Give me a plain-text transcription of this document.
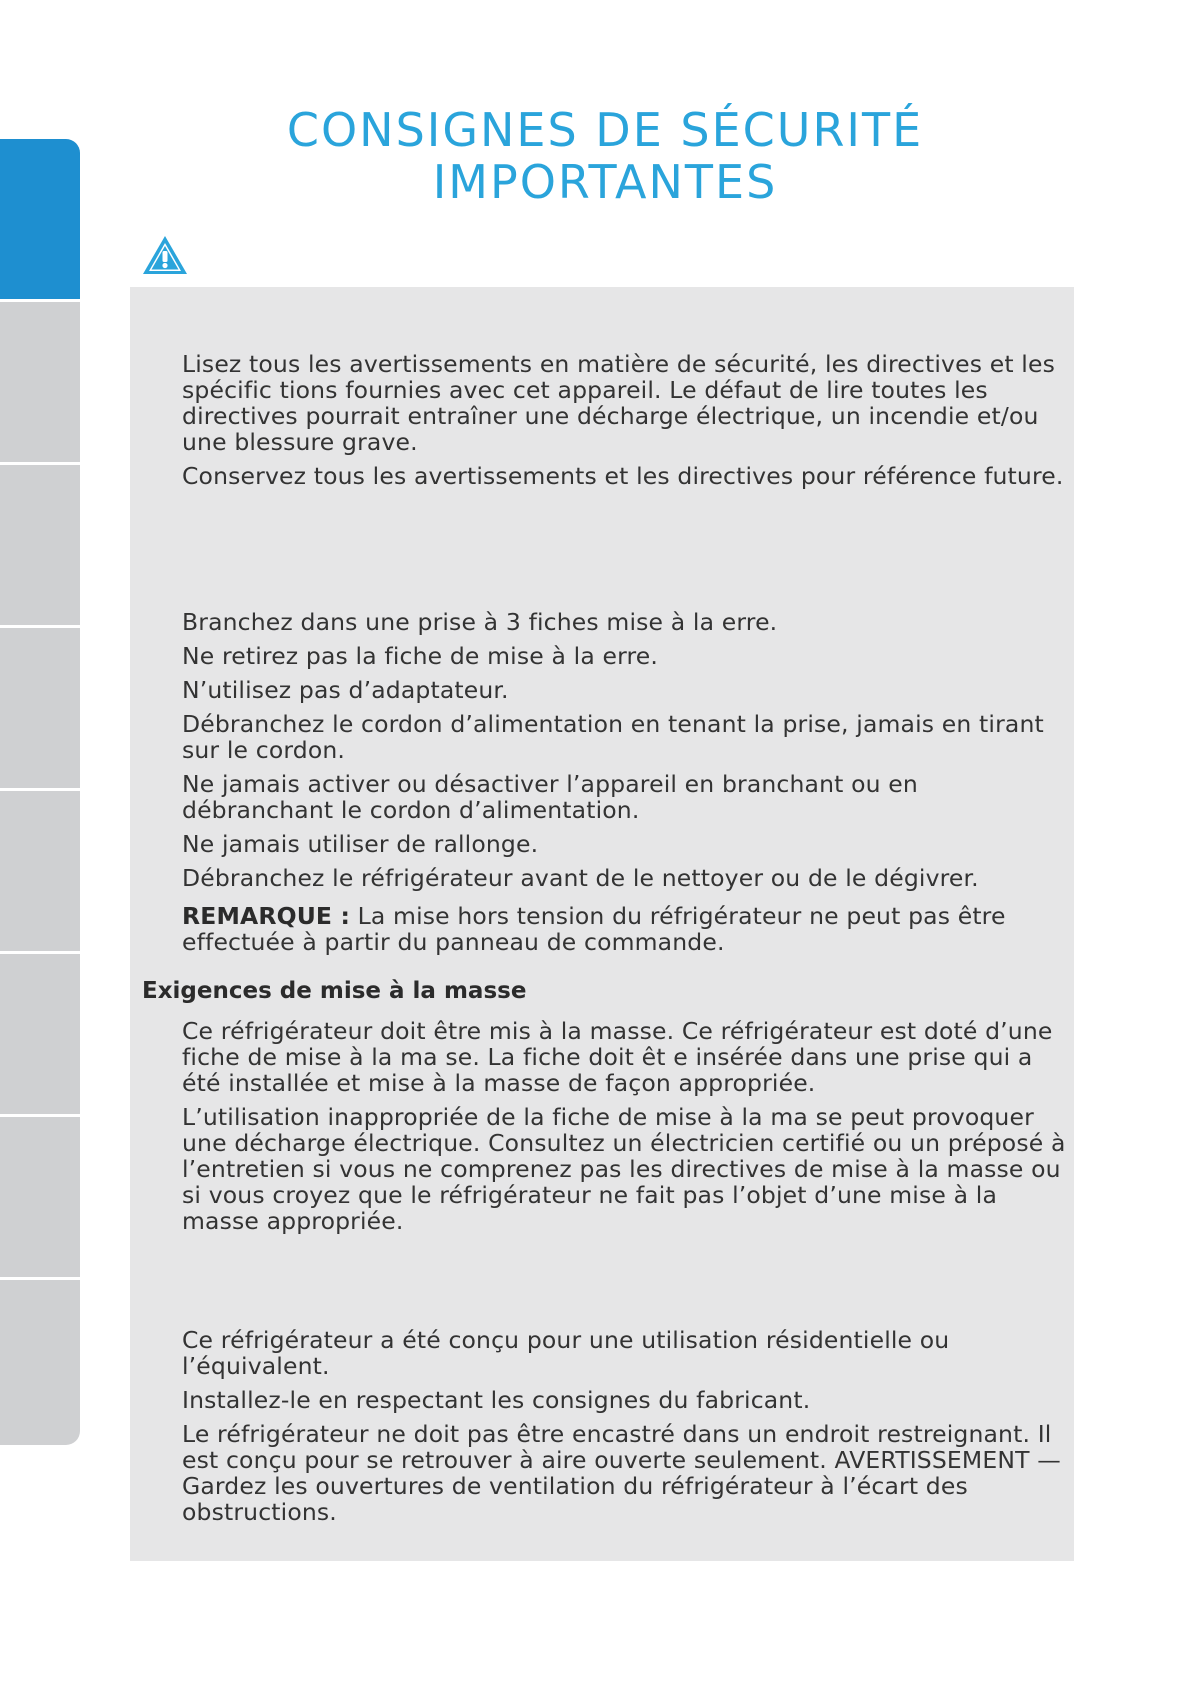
CONSIGNES DE SÉCURITÉ
IMPORTANTES

Lisez tous les avertissements en matière de sécurité, les directives et les spécific tions fournies avec cet appareil. Le défaut de lire toutes les directives pourrait entraîner une décharge électrique, un incendie et/ou une blessure grave.

Conservez tous les avertissements et les directives pour référence future.

Branchez dans une prise à 3 fiches mise à la erre.

Ne retirez pas la fiche de mise à la erre.

N’utilisez pas d’adaptateur.

Débranchez le cordon d’alimentation en tenant la prise, jamais en tirant sur le cordon.

Ne jamais activer ou désactiver l’appareil en branchant ou en débranchant le cordon d’alimentation.

Ne jamais utiliser de rallonge.

Débranchez le réfrigérateur avant de le nettoyer ou de le dégivrer.

REMARQUE : La mise hors tension du réfrigérateur ne peut pas être effectuée à partir du panneau de commande.

Exigences de mise à la masse

Ce réfrigérateur doit être mis à la masse. Ce réfrigérateur est doté d’une fiche de mise à la ma se. La fiche doit êt e insérée dans une prise qui a été installée et mise à la masse de façon appropriée.

L’utilisation inappropriée de la fiche de mise à la ma se peut provoquer une décharge électrique. Consultez un électricien certifié ou un préposé à l’entretien si vous ne comprenez pas les directives de mise à la masse ou si vous croyez que le réfrigérateur ne fait pas l’objet d’une mise à la masse appropriée.

Ce réfrigérateur a été conçu pour une utilisation résidentielle ou l’équivalent.

Installez-le en respectant les consignes du fabricant.

Le réfrigérateur ne doit pas être encastré dans un endroit restreignant. Il est conçu pour se retrouver à aire ouverte seulement. AVERTISSEMENT — Gardez les ouvertures de ventilation du réfrigérateur à l’écart des obstructions.
